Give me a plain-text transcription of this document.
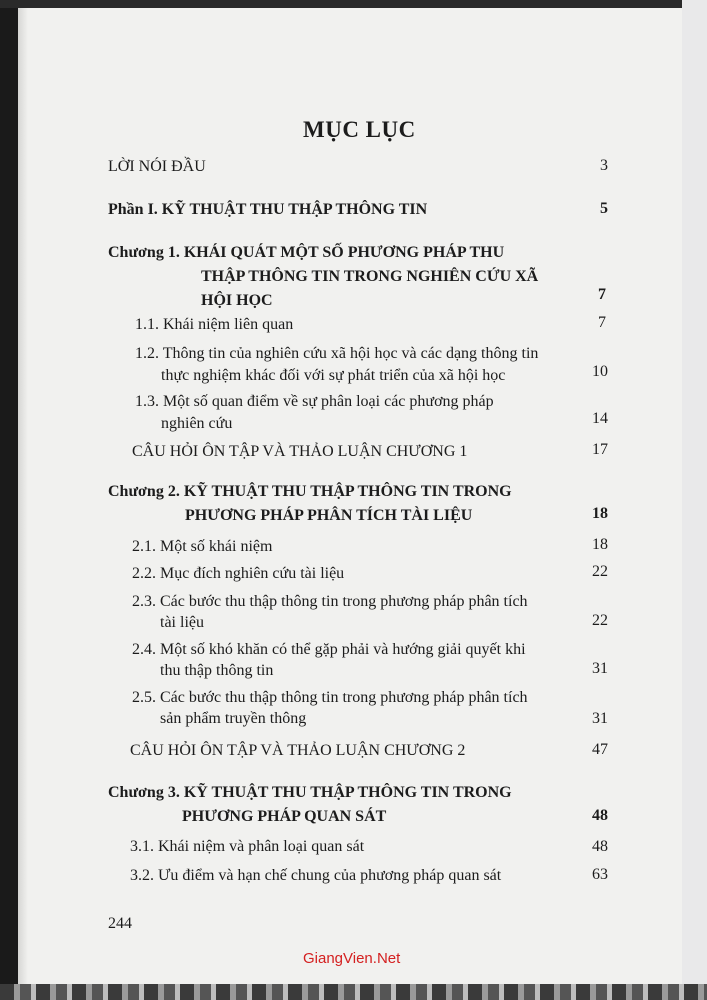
MỤC LỤC
LỜI NÓI ĐẦU	3
Phần I. KỸ THUẬT THU THẬP THÔNG TIN	5
Chương 1. KHÁI QUÁT MỘT SỐ PHƯƠNG PHÁP THU
THẬP THÔNG TIN TRONG NGHIÊN CỨU XÃ
HỘI HỌC	7
1.1. Khái niệm liên quan	7
1.2. Thông tin của nghiên cứu xã hội học và các dạng thông tin
thực nghiệm khác đối với sự phát triển của xã hội học	10
1.3. Một số quan điểm về sự phân loại các phương pháp
nghiên cứu	14
CÂU HỎI ÔN TẬP VÀ THẢO LUẬN CHƯƠNG 1	17
Chương 2. KỸ THUẬT THU THẬP THÔNG TIN TRONG
PHƯƠNG PHÁP PHÂN TÍCH TÀI LIỆU	18
2.1. Một số khái niệm	18
2.2. Mục đích nghiên cứu tài liệu	22
2.3. Các bước thu thập thông tin trong phương pháp phân tích
tài liệu	22
2.4. Một số khó khăn có thể gặp phải và hướng giải quyết khi
thu thập thông tin	31
2.5. Các bước thu thập thông tin trong phương pháp phân tích
sản phẩm truyền thông	31
CÂU HỎI ÔN TẬP VÀ THẢO LUẬN CHƯƠNG 2	47
Chương 3. KỸ THUẬT THU THẬP THÔNG TIN TRONG
PHƯƠNG PHÁP QUAN SÁT	48
3.1. Khái niệm và phân loại quan sát	48
3.2. Ưu điểm và hạn chế chung của phương pháp quan sát	63
244
GiangVien.Net
